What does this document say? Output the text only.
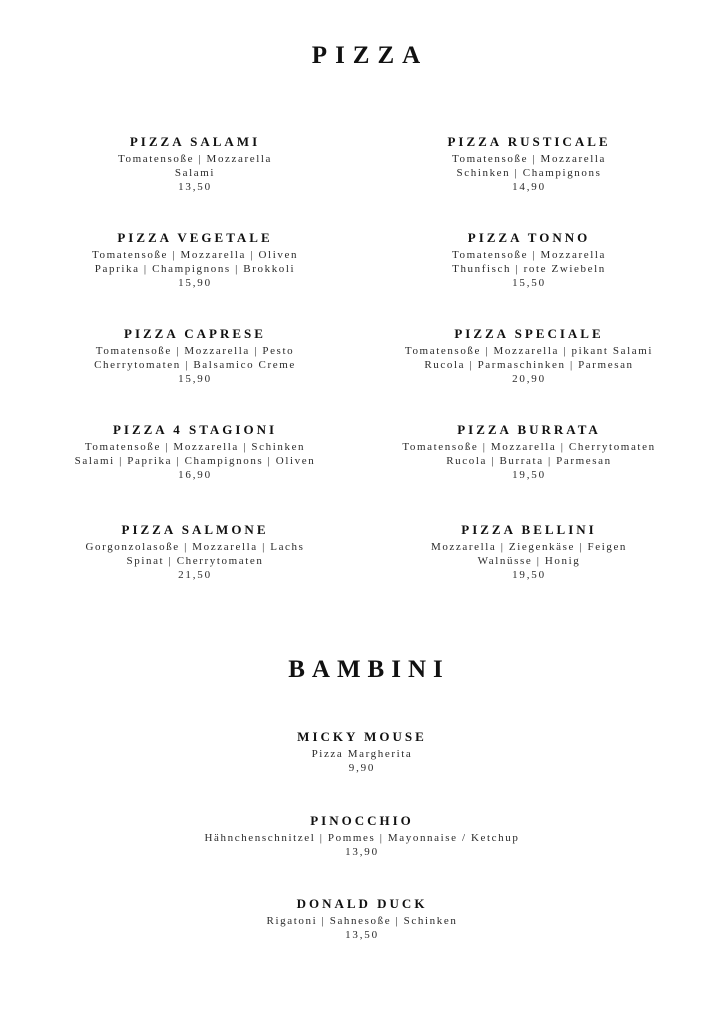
PIZZA
PIZZA SALAMI
Tomatensoße | Mozzarella
Salami
13,50
PIZZA RUSTICALE
Tomatensoße | Mozzarella
Schinken | Champignons
14,90
PIZZA VEGETALE
Tomatensoße | Mozzarella | Oliven
Paprika | Champignons | Brokkoli
15,90
PIZZA TONNO
Tomatensoße | Mozzarella
Thunfisch | rote Zwiebeln
15,50
PIZZA CAPRESE
Tomatensoße | Mozzarella | Pesto
Cherrytomaten | Balsamico Creme
15,90
PIZZA SPECIALE
Tomatensoße | Mozzarella | pikant Salami
Rucola | Parmaschinken | Parmesan
20,90
PIZZA 4 STAGIONI
Tomatensoße | Mozzarella | Schinken
Salami | Paprika | Champignons | Oliven
16,90
PIZZA BURRATA
Tomatensoße | Mozzarella | Cherrytomaten
Rucola | Burrata | Parmesan
19,50
PIZZA SALMONE
Gorgonzolasoße | Mozzarella | Lachs
Spinat | Cherrytomaten
21,50
PIZZA BELLINI
Mozzarella | Ziegenkäse | Feigen
Walnüsse | Honig
19,50
BAMBINI
MICKY MOUSE
Pizza Margherita
9,90
PINOCCHIO
Hähnchenschnitzel | Pommes | Mayonnaise / Ketchup
13,90
DONALD DUCK
Rigatoni | Sahnesoße | Schinken
13,50
